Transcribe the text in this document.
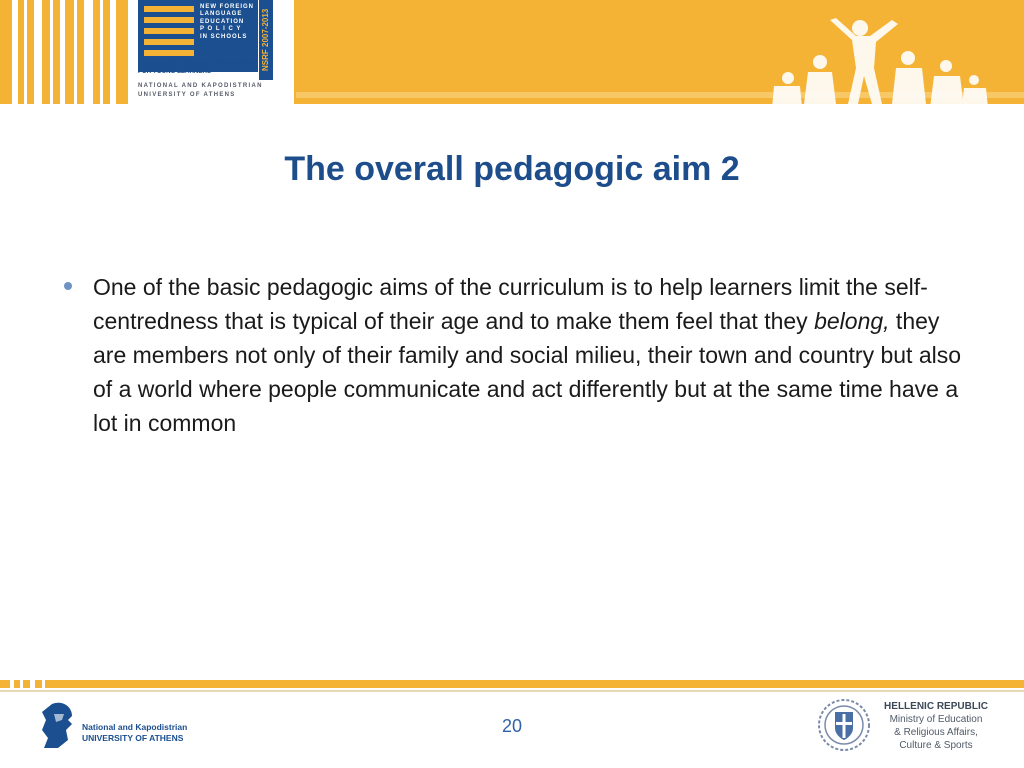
NEW FOREIGN
LANGUAGE
EDUCATION
P O L I C Y
IN SCHOOLS	NSRF 2007-2013
AN ENGLISH LANGUAGE PROGRAMME
FOR YOUNG LEARNERS
NATIONAL AND KAPODISTRIAN
UNIVERSITY OF ATHENS
The overall pedagogic aim 2
One of the basic pedagogic aims of the curriculum is to help learners limit the self-centredness that is typical of their age and to make them feel that they belong, they are members not only of their family and social milieu, their town and country but also of a world where people communicate and act differently but at the same time have a lot in common
National and Kapodistrian
UNIVERSITY OF ATHENS
20
HELLENIC REPUBLIC
Ministry of Education
& Religious Affairs,
Culture & Sports
